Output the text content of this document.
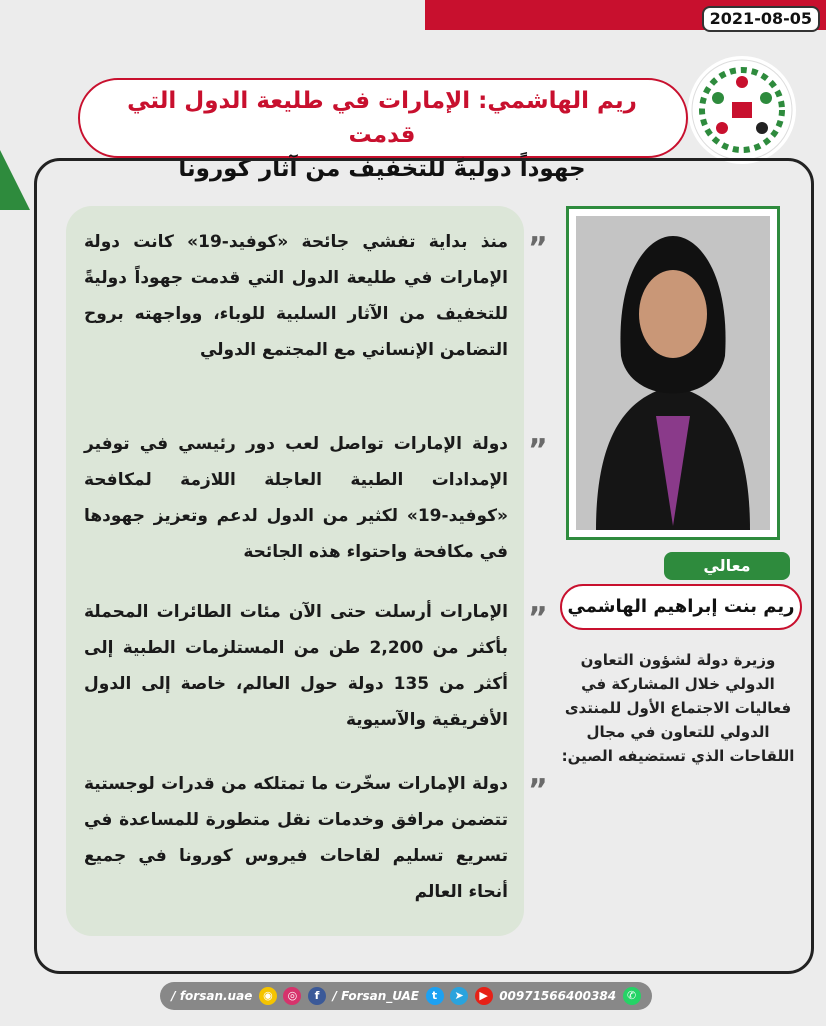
2021-08-05
ريم الهاشمي: الإمارات في طليعة الدول التي قدمت
جهوداً دوليةً للتخفيف من آثار كورونا
”
منذ بداية تفشي جائحة «كوفيد-19» كانت دولة الإمارات في طليعة الدول التي قدمت جهوداً دوليةً للتخفيف من الآثار السلبية للوباء، وواجهته بروح التضامن الإنساني مع المجتمع الدولي
”
دولة الإمارات تواصل لعب دور رئيسي في توفير الإمدادات الطبية العاجلة اللازمة لمكافحة «كوفيد-19» لكثير من الدول لدعم وتعزيز جهودها في مكافحة واحتواء هذه الجائحة
”
الإمارات أرسلت حتى الآن مئات الطائرات المحملة بأكثر من 2,200 طن من المستلزمات الطبية إلى أكثر من 135 دولة حول العالم، خاصة إلى الدول الأفريقية والآسيوية
”
دولة الإمارات سخّرت ما تمتلكه من قدرات لوجستية تتضمن مرافق وخدمات نقل متطورة للمساعدة في تسريع تسليم لقاحات فيروس كورونا في جميع أنحاء العالم
معالي
ريم بنت إبراهيم الهاشمي
وزيرة دولة لشؤون التعاون الدولي خلال المشاركة في فعاليات الاجتماع الأول للمنتدى الدولي للتعاون في مجال اللقاحات الذي تستضيفه الصين:
/ forsan.uae ◉	◎	f	/ Forsan_UAE	t	➤	▶ 00971566400384 ✆
